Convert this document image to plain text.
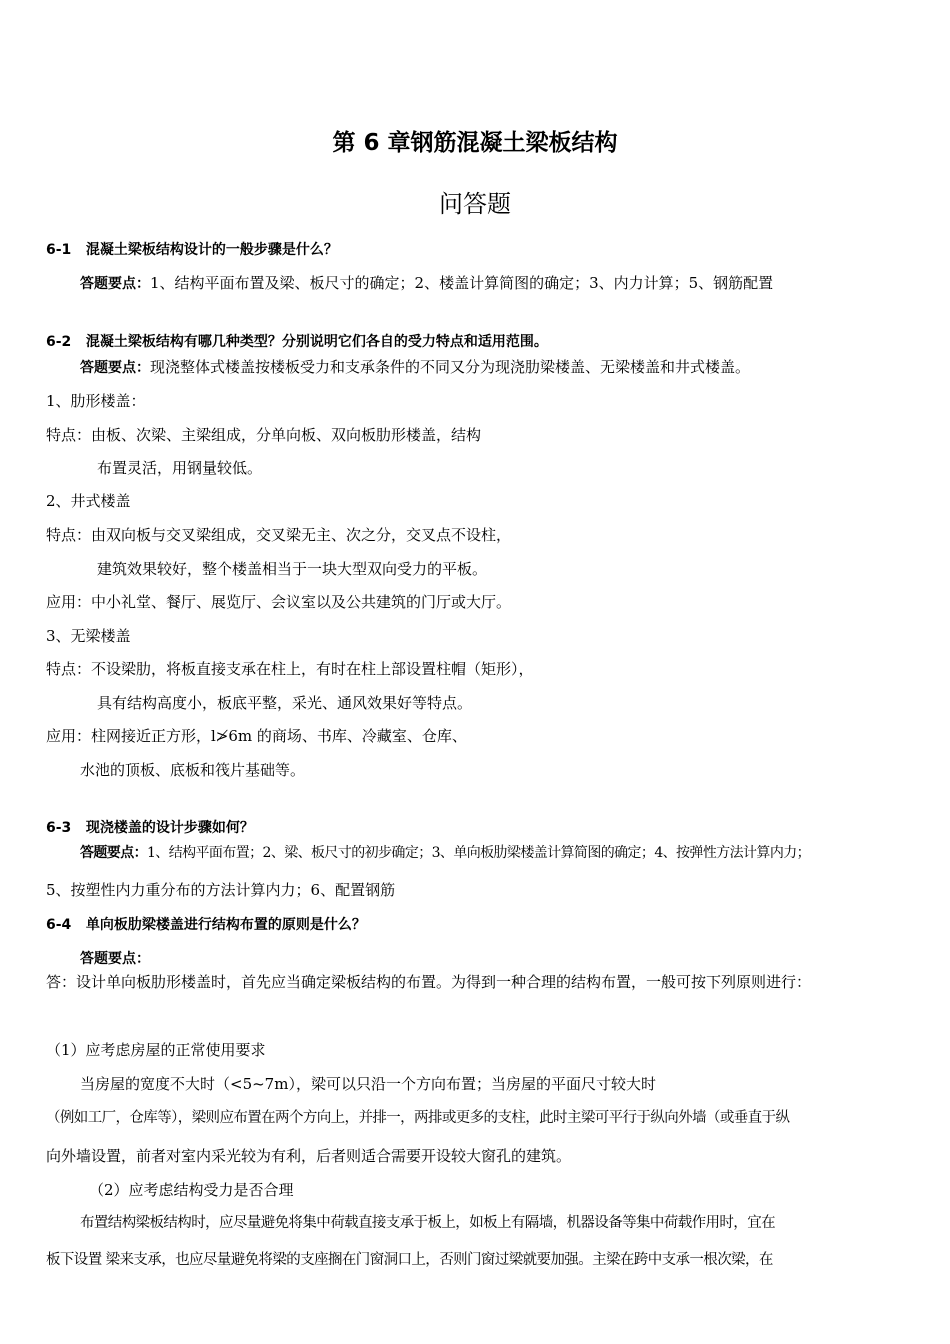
第 6 章钢筋混凝土梁板结构
问答题
6-1 混凝土梁板结构设计的一般步骤是什么？
答题要点：1、结构平面布置及梁、板尺寸的确定；2、楼盖计算简图的确定；3、内力计算；5、钢筋配置
6-2 混凝土梁板结构有哪几种类型？分别说明它们各自的受力特点和适用范围。
答题要点：现浇整体式楼盖按楼板受力和支承条件的不同又分为现浇肋梁楼盖、无梁楼盖和井式楼盖。
1、肋形楼盖：
特点：由板、次梁、主梁组成，分单向板、双向板肋形楼盖，结构
布置灵活，用钢量较低。
2、井式楼盖
特点：由双向板与交叉梁组成，交叉梁无主、次之分，交叉点不设柱，
建筑效果较好，整个楼盖相当于一块大型双向受力的平板。
应用：中小礼堂、餐厅、展览厅、会议室以及公共建筑的门厅或大厅。
3、无梁楼盖
特点：不设梁肋，将板直接支承在柱上，有时在柱上部设置柱帽（矩形），
具有结构高度小，板底平整，采光、通风效果好等特点。
应用：柱网接近正方形，l≯6m 的商场、书库、冷藏室、仓库、
水池的顶板、底板和筏片基础等。
6-3 现浇楼盖的设计步骤如何？
答题要点：1、结构平面布置；2、梁、板尺寸的初步确定；3、单向板肋梁楼盖计算简图的确定；4、按弹性方法计算内力；
5、按塑性内力重分布的方法计算内力；6、配置钢筋
6-4 单向板肋梁楼盖进行结构布置的原则是什么？
答题要点：
答：设计单向板肋形楼盖时，首先应当确定梁板结构的布置。为得到一种合理的结构布置，一般可按下列原则进行：
（1）应考虑房屋的正常使用要求
当房屋的宽度不大时（<5~7m），梁可以只沿一个方向布置；当房屋的平面尺寸较大时
（例如工厂，仓库等），梁则应布置在两个方向上，并排一，两排或更多的支柱，此时主梁可平行于纵向外墙（或垂直于纵
向外墙设置，前者对室内采光较为有利，后者则适合需要开设较大窗孔的建筑。
（2）应考虑结构受力是否合理
布置结构梁板结构时，应尽量避免将集中荷载直接支承于板上，如板上有隔墙，机器设备等集中荷载作用时，宜在
板下设置 梁来支承，也应尽量避免将梁的支座搁在门窗洞口上，否则门窗过梁就要加强。主梁在跨中支承一根次梁，在
